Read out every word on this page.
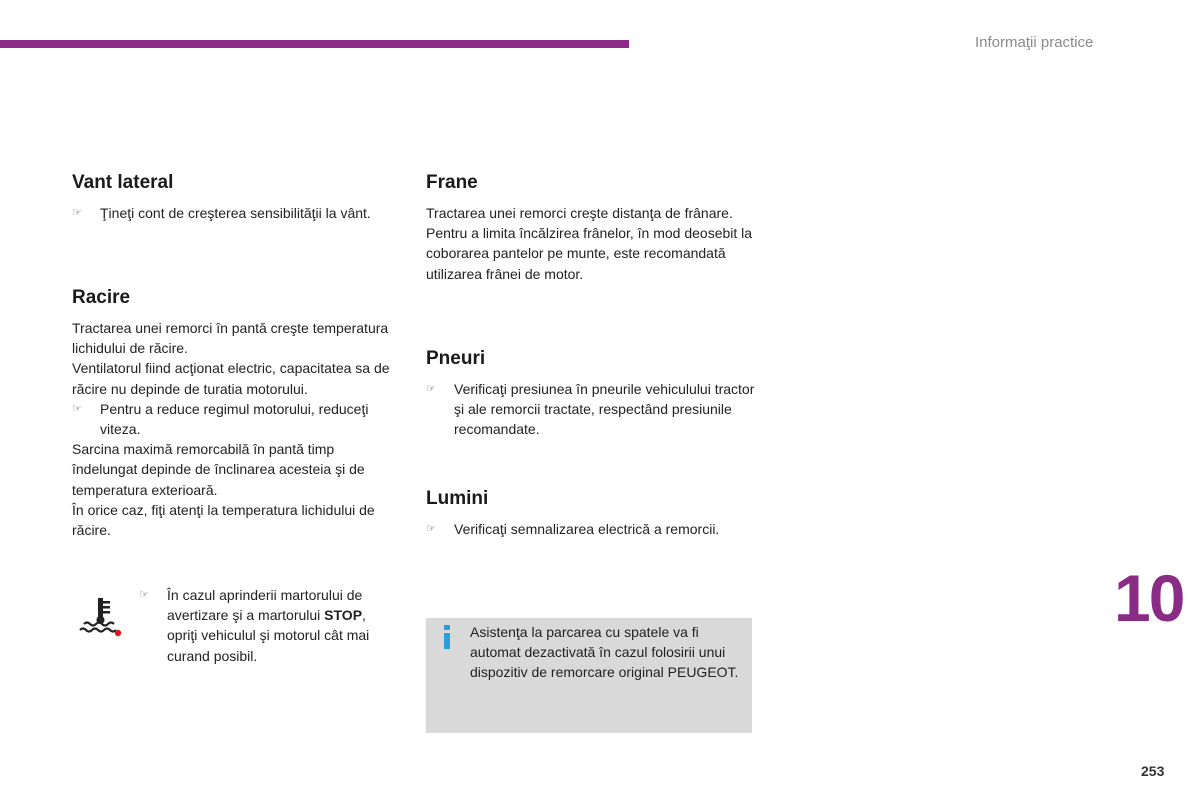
Informaţii practice
Vant lateral
☞ Ţineţi cont de creşterea sensibilităţii la vânt.
Racire

Tractarea unei remorci în pantă creşte temperatura lichidului de răcire.

Ventilatorul fiind acţionat electric, capacitatea sa de răcire nu depinde de turatia motorului.

☞ Pentru a reduce regimul motorului, reduceţi viteza.

Sarcina maximă remorcabilă în pantă timp îndelungat depinde de înclinarea acesteia şi de temperatura exterioară.

În orice caz, fiţi atenţi la temperatura lichidului de răcire.

☞	În cazul aprinderii martorului de avertizare şi a martorului STOP, opriţi vehiculul şi motorul cât mai curand posibil.
Frane

Tractarea unei remorci creşte distanţa de frânare. Pentru a limita încălzirea frânelor, în mod deosebit la coborarea pantelor pe munte, este recomandată utilizarea frânei de motor.

Pneuri
☞ Verificaţi presiunea în pneurile vehiculului tractor şi ale remorcii tractate, respectând presiunile recomandate.
Lumini
☞ Verificaţi semnalizarea electrică a remorcii.
Asistenţa la parcarea cu spatele va fi automat dezactivată în cazul folosirii unui dispozitiv de remorcare original PEUGEOT.
10
253
